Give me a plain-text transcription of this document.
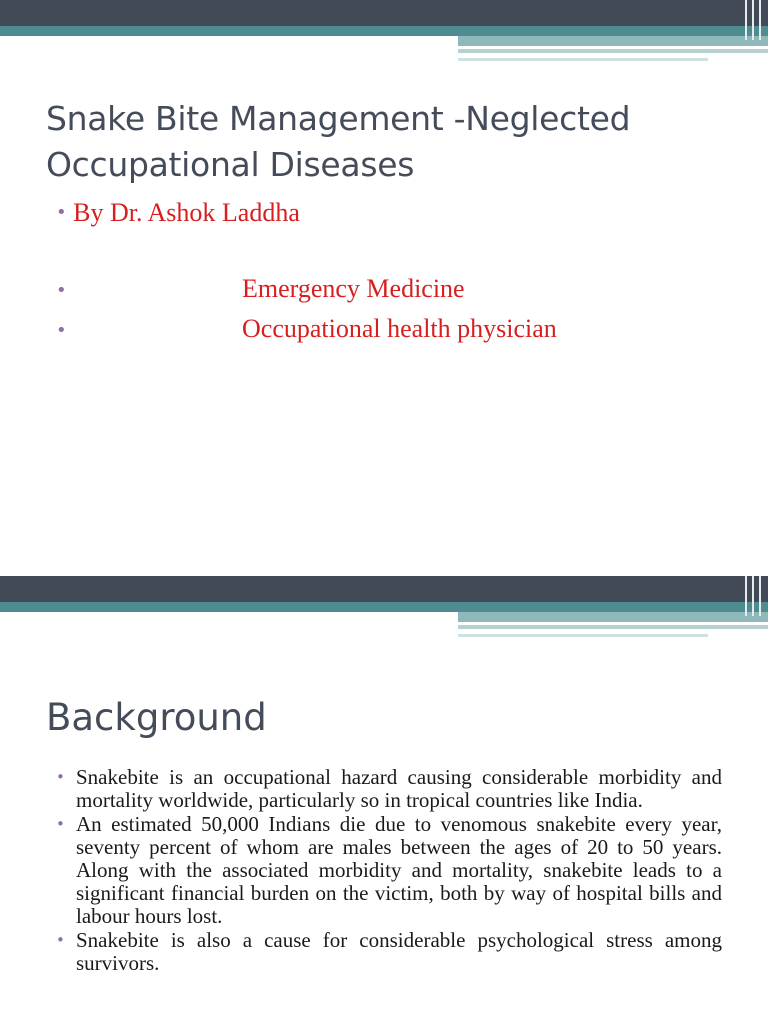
Snake Bite Management -Neglected Occupational Diseases
• By Dr. Ashok Laddha
•	Emergency Medicine
•	Occupational health physician
Background
• Snakebite is an occupational hazard causing considerable morbidity and mortality worldwide, particularly so in tropical countries like India.
• An estimated 50,000 Indians die due to venomous snakebite every year, seventy percent of whom are males between the ages of 20 to 50 years. Along with the associated morbidity and mortality, snakebite leads to a significant financial burden on the victim, both by way of hospital bills and labour hours lost.
• Snakebite is also a cause for considerable psychological stress among survivors.
